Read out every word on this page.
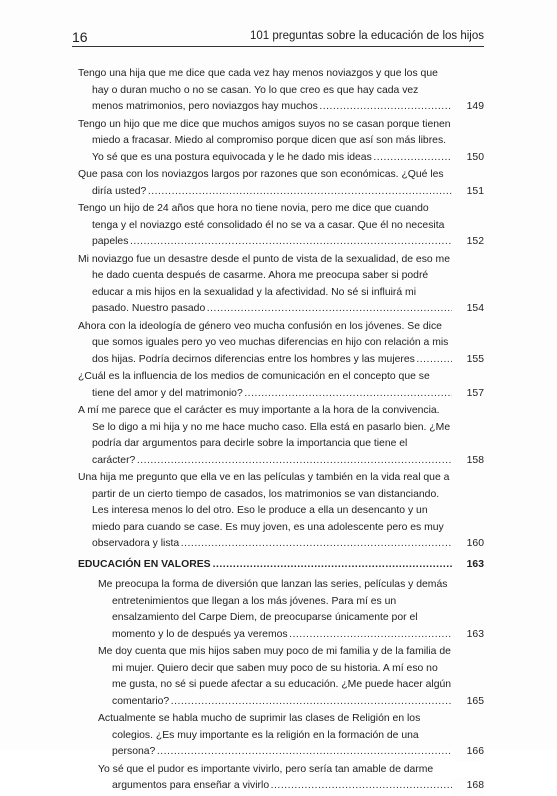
16	101 preguntas sobre la educación de los hijos
Tengo una hija que me dice que cada vez hay menos noviazgos y que los que hay o duran mucho o no se casan. Yo lo que creo es que hay cada vez menos matrimonios, pero noviazgos hay muchos .....	149
Tengo un hijo que me dice que muchos amigos suyos no se casan porque tienen miedo a fracasar. Miedo al compromiso porque dicen que así son más libres. Yo sé que es una postura equivocada y le he dado mis ideas .....	150
Que pasa con los noviazgos largos por razones que son económicas. ¿Qué les diría usted? .....	151
Tengo un hijo de 24 años que hora no tiene novia, pero me dice que cuando tenga y el noviazgo esté consolidado él no se va a casar. Que él no necesita papeles .....	152
Mi noviazgo fue un desastre desde el punto de vista de la sexualidad, de eso me he dado cuenta después de casarme. Ahora me preocupa saber si podré educar a mis hijos en la sexualidad y la afectividad. No sé si influirá mi pasado. Nuestro pasado .....	154
Ahora con la ideología de género veo mucha confusión en los jóvenes. Se dice que somos iguales pero yo veo muchas diferencias en hijo con relación a mis dos hijas. Podría decirnos diferencias entre los hombres y las mujeres .....	155
¿Cuál es la influencia de los medios de comunicación en el concepto que se tiene del amor y del matrimonio? .....	157
A mí me parece que el carácter es muy importante a la hora de la convivencia. Se lo digo a mi hija y no me hace mucho caso. Ella está en pasarlo bien. ¿Me podría dar argumentos para decirle sobre la importancia que tiene el carácter? .....	158
Una hija me pregunto que ella ve en las películas y también en la vida real que a partir de un cierto tiempo de casados, los matrimonios se van distanciando. Les interesa menos lo del otro. Eso le produce a ella un desencanto y un miedo para cuando se case. Es muy joven, es una adolescente pero es muy observadora y lista .....	160
EDUCACIÓN EN VALORES .....	163
Me preocupa la forma de diversión que lanzan las series, películas y demás entretenimientos que llegan a los más jóvenes. Para mí es un ensalzamiento del Carpe Diem, de preocuparse únicamente por el momento y lo de después ya veremos .....	163
Me doy cuenta que mis hijos saben muy poco de mi familia y de la familia de mi mujer. Quiero decir que saben muy poco de su historia. A mí eso no me gusta, no sé si puede afectar a su educación. ¿Me puede hacer algún comentario? .....	165
Actualmente se habla mucho de suprimir las clases de Religión en los colegios. ¿Es muy importante es la religión en la formación de una persona? .....	166
Yo sé que el pudor es importante vivirlo, pero sería tan amable de darme argumentos para enseñar a vivirlo .....	168
